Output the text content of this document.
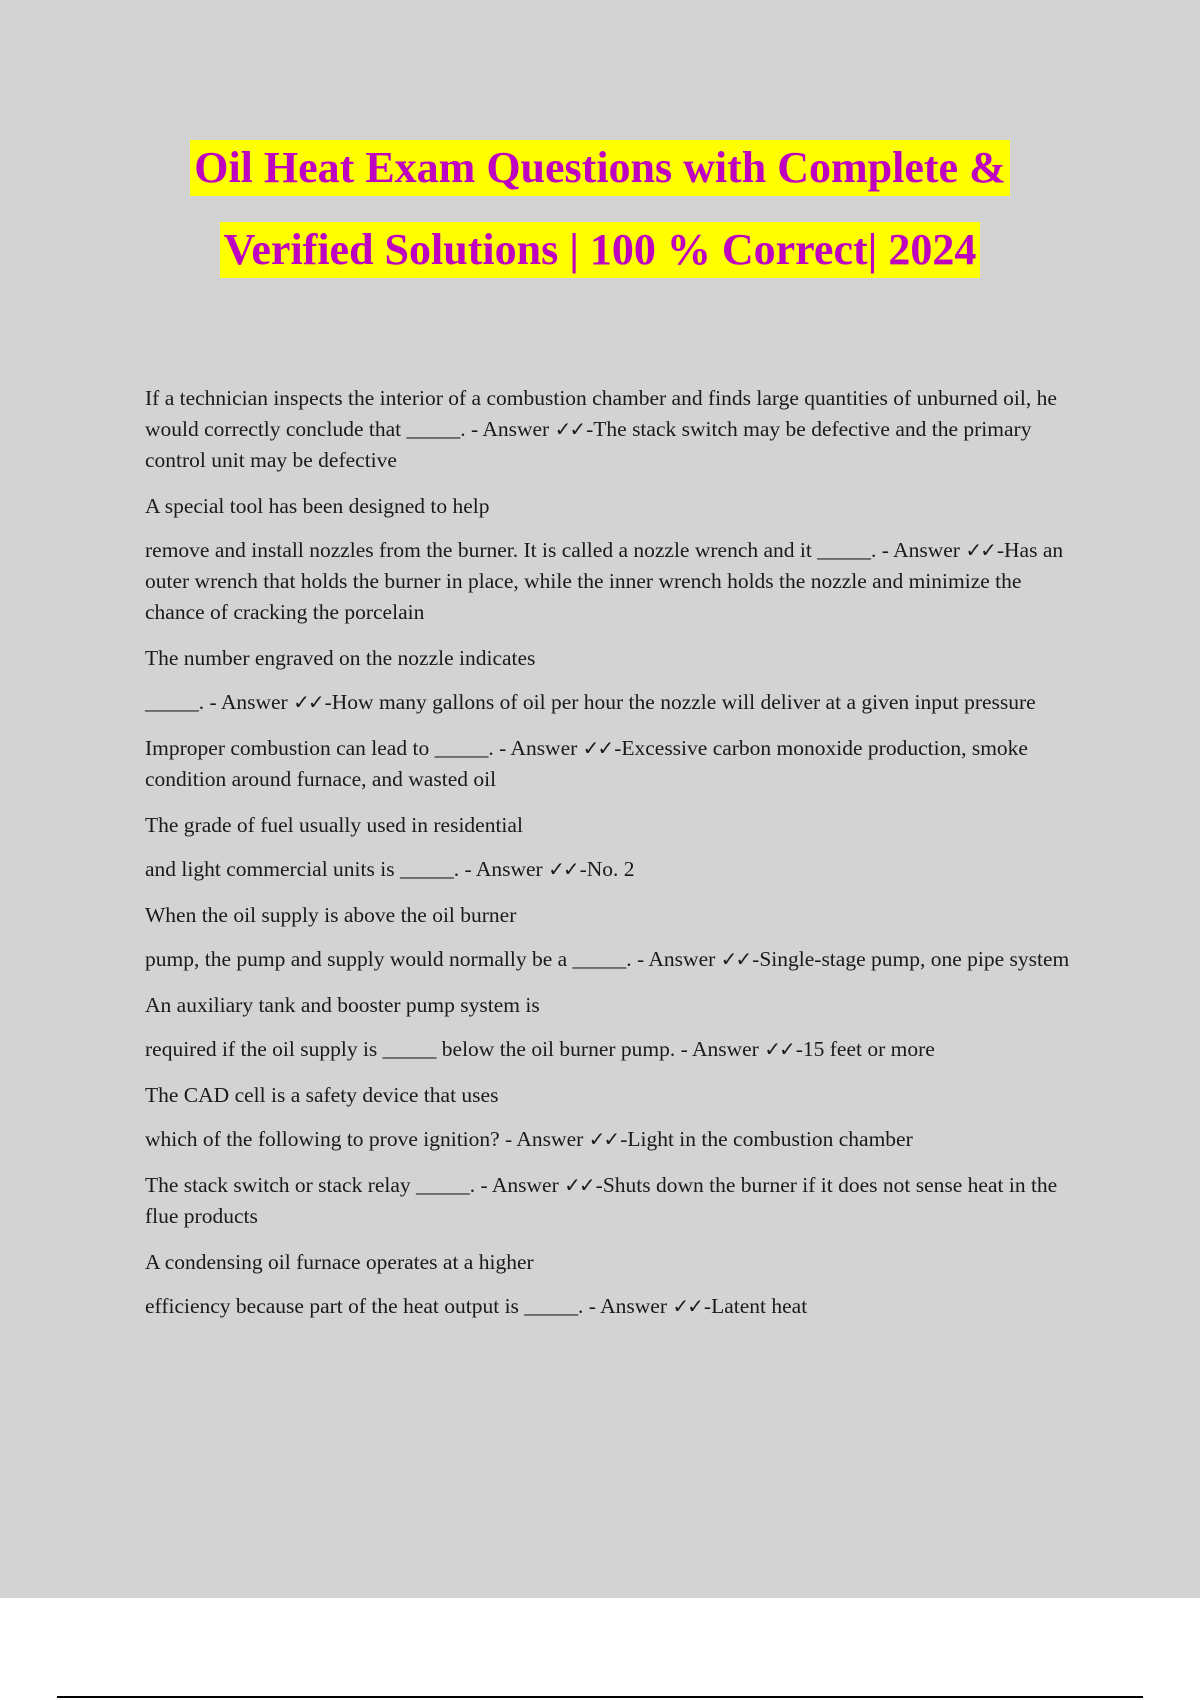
Oil Heat Exam Questions with Complete &
Verified Solutions | 100 % Correct| 2024

If a technician inspects the interior of a combustion chamber and finds large quantities of unburned oil, he would correctly conclude that _____. - Answer ✓✓-The stack switch may be defective and the primary control unit may be defective

A special tool has been designed to help

remove and install nozzles from the burner. It is called a nozzle wrench and it _____. - Answer ✓✓-Has an outer wrench that holds the burner in place, while the inner wrench holds the nozzle and minimize the chance of cracking the porcelain

The number engraved on the nozzle indicates

_____. - Answer ✓✓-How many gallons of oil per hour the nozzle will deliver at a given input pressure

Improper combustion can lead to _____. - Answer ✓✓-Excessive carbon monoxide production, smoke condition around furnace, and wasted oil

The grade of fuel usually used in residential

and light commercial units is _____. - Answer ✓✓-No. 2

When the oil supply is above the oil burner

pump, the pump and supply would normally be a _____. - Answer ✓✓-Single-stage pump, one pipe system

An auxiliary tank and booster pump system is

required if the oil supply is _____ below the oil burner pump. - Answer ✓✓-15 feet or more

The CAD cell is a safety device that uses

which of the following to prove ignition? - Answer ✓✓-Light in the combustion chamber

The stack switch or stack relay _____. - Answer ✓✓-Shuts down the burner if it does not sense heat in the flue products

A condensing oil furnace operates at a higher

efficiency because part of the heat output is _____. - Answer ✓✓-Latent heat
